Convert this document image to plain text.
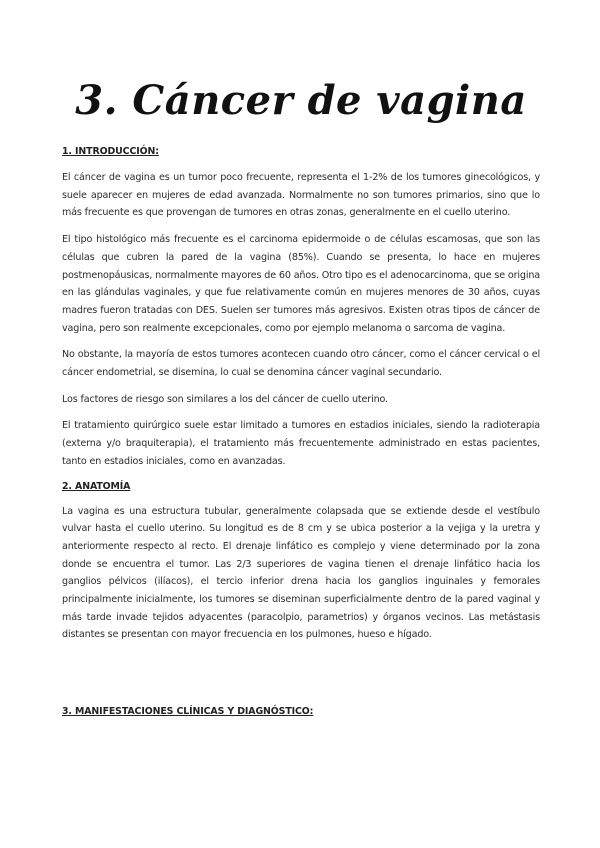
3. Cáncer de vagina
1. INTRODUCCIÓN:

El cáncer de vagina es un tumor poco frecuente, representa el 1-2% de los tumores ginecológicos, y suele aparecer en mujeres de edad avanzada. Normalmente no son tumores primarios, sino que lo más frecuente es que provengan de tumores en otras zonas, generalmente en el cuello uterino.

El tipo histológico más frecuente es el carcinoma epidermoide o de células escamosas, que son las células que cubren la pared de la vagina (85%). Cuando se presenta, lo hace en mujeres postmenopáusicas, normalmente mayores de 60 años. Otro tipo es el adenocarcinoma, que se origina en las glándulas vaginales, y que fue relativamente común en mujeres menores de 30 años, cuyas madres fueron tratadas con DES. Suelen ser tumores más agresivos. Existen otras tipos de cáncer de vagina, pero son realmente excepcionales, como por ejemplo melanoma o sarcoma de vagina.

No obstante, la mayoría de estos tumores acontecen cuando otro cáncer, como el cáncer cervical o el cáncer endometrial, se disemina, lo cual se denomina cáncer vaginal secundario.

Los factores de riesgo son similares a los del cáncer de cuello uterino.

El tratamiento quirúrgico suele estar limitado a tumores en estadios iniciales, siendo la radioterapia (externa y/o braquiterapia), el tratamiento más frecuentemente administrado en estas pacientes, tanto en estadios iniciales, como en avanzadas.

2. ANATOMÍA

La vagina es una estructura tubular, generalmente colapsada que se extiende desde el vestíbulo vulvar hasta el cuello uterino. Su longitud es de 8 cm y se ubica posterior a la vejiga y la uretra y anteriormente respecto al recto. El drenaje linfático es complejo y viene determinado por la zona donde se encuentra el tumor. Las 2/3 superiores de vagina tienen el drenaje linfático hacia los ganglios pélvicos (ilíacos), el tercio inferior drena hacia los ganglios inguinales y femorales principalmente inicialmente, los tumores se diseminan superficialmente dentro de la pared vaginal y más tarde invade tejidos adyacentes (paracolpio, parametrios) y órganos vecinos. Las metástasis distantes se presentan con mayor frecuencia en los pulmones, hueso e hígado.

3. MANIFESTACIONES CLÍNICAS Y DIAGNÓSTICO:
